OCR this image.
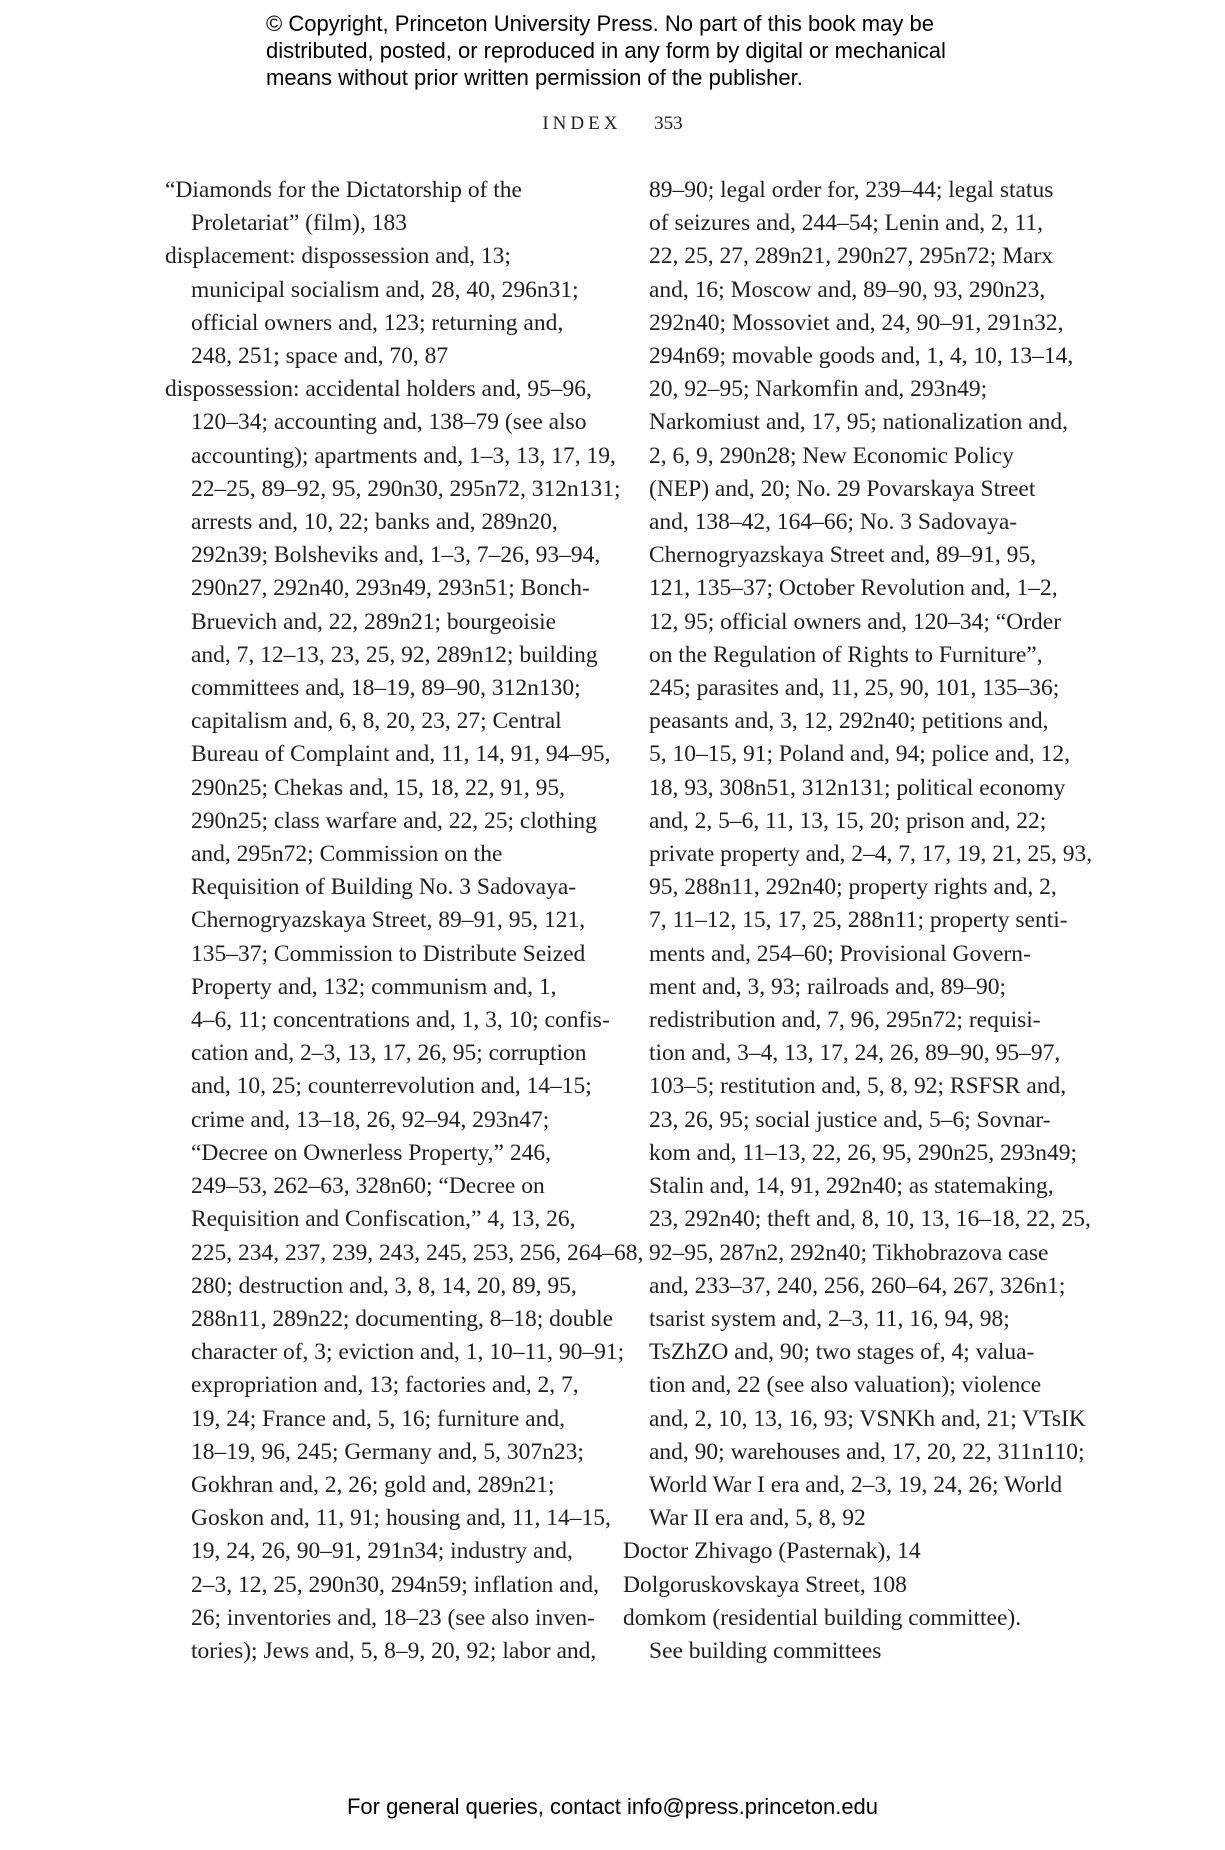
© Copyright, Princeton University Press. No part of this book may be
distributed, posted, or reproduced in any form by digital or mechanical
means without prior written permission of the publisher.
INDEX 353
“Diamonds for the Dictatorship of the
Proletariat” (film), 183
displacement: dispossession and, 13;
municipal socialism and, 28, 40, 296n31;
official owners and, 123; returning and,
248, 251; space and, 70, 87
dispossession: accidental holders and, 95–96,
120–34; accounting and, 138–79 (see also
accounting); apartments and, 1–3, 13, 17, 19,
22–25, 89–92, 95, 290n30, 295n72, 312n131;
arrests and, 10, 22; banks and, 289n20,
292n39; Bolsheviks and, 1–3, 7–26, 93–94,
290n27, 292n40, 293n49, 293n51; Bonch-
Bruevich and, 22, 289n21; bourgeoisie
and, 7, 12–13, 23, 25, 92, 289n12; building
committees and, 18–19, 89–90, 312n130;
capitalism and, 6, 8, 20, 23, 27; Central
Bureau of Complaint and, 11, 14, 91, 94–95,
290n25; Chekas and, 15, 18, 22, 91, 95,
290n25; class warfare and, 22, 25; clothing
and, 295n72; Commission on the
Requisition of Building No. 3 Sadovaya-
Chernogryazskaya Street, 89–91, 95, 121,
135–37; Commission to Distribute Seized
Property and, 132; communism and, 1,
4–6, 11; concentrations and, 1, 3, 10; confis-
cation and, 2–3, 13, 17, 26, 95; corruption
and, 10, 25; counterrevolution and, 14–15;
crime and, 13–18, 26, 92–94, 293n47;
“Decree on Ownerless Property,” 246,
249–53, 262–63, 328n60; “Decree on
Requisition and Confiscation,” 4, 13, 26,
225, 234, 237, 239, 243, 245, 253, 256, 264–68,
280; destruction and, 3, 8, 14, 20, 89, 95,
288n11, 289n22; documenting, 8–18; double
character of, 3; eviction and, 1, 10–11, 90–91;
expropriation and, 13; factories and, 2, 7,
19, 24; France and, 5, 16; furniture and,
18–19, 96, 245; Germany and, 5, 307n23;
Gokhran and, 2, 26; gold and, 289n21;
Goskon and, 11, 91; housing and, 11, 14–15,
19, 24, 26, 90–91, 291n34; industry and,
2–3, 12, 25, 290n30, 294n59; inflation and,
26; inventories and, 18–23 (see also inven-
tories); Jews and, 5, 8–9, 20, 92; labor and,
89–90; legal order for, 239–44; legal status
of seizures and, 244–54; Lenin and, 2, 11,
22, 25, 27, 289n21, 290n27, 295n72; Marx
and, 16; Moscow and, 89–90, 93, 290n23,
292n40; Mossoviet and, 24, 90–91, 291n32,
294n69; movable goods and, 1, 4, 10, 13–14,
20, 92–95; Narkomfin and, 293n49;
Narkomiust and, 17, 95; nationalization and,
2, 6, 9, 290n28; New Economic Policy
(NEP) and, 20; No. 29 Povarskaya Street
and, 138–42, 164–66; No. 3 Sadovaya-
Chernogryazskaya Street and, 89–91, 95,
121, 135–37; October Revolution and, 1–2,
12, 95; official owners and, 120–34; “Order
on the Regulation of Rights to Furniture”,
245; parasites and, 11, 25, 90, 101, 135–36;
peasants and, 3, 12, 292n40; petitions and,
5, 10–15, 91; Poland and, 94; police and, 12,
18, 93, 308n51, 312n131; political economy
and, 2, 5–6, 11, 13, 15, 20; prison and, 22;
private property and, 2–4, 7, 17, 19, 21, 25, 93,
95, 288n11, 292n40; property rights and, 2,
7, 11–12, 15, 17, 25, 288n11; property senti-
ments and, 254–60; Provisional Govern-
ment and, 3, 93; railroads and, 89–90;
redistribution and, 7, 96, 295n72; requisi-
tion and, 3–4, 13, 17, 24, 26, 89–90, 95–97,
103–5; restitution and, 5, 8, 92; RSFSR and,
23, 26, 95; social justice and, 5–6; Sovnar-
kom and, 11–13, 22, 26, 95, 290n25, 293n49;
Stalin and, 14, 91, 292n40; as statemaking,
23, 292n40; theft and, 8, 10, 13, 16–18, 22, 25,
92–95, 287n2, 292n40; Tikhobrazova case
and, 233–37, 240, 256, 260–64, 267, 326n1;
tsarist system and, 2–3, 11, 16, 94, 98;
TsZhZO and, 90; two stages of, 4; valua-
tion and, 22 (see also valuation); violence
and, 2, 10, 13, 16, 93; VSNKh and, 21; VTsIK
and, 90; warehouses and, 17, 20, 22, 311n110;
World War I era and, 2–3, 19, 24, 26; World
War II era and, 5, 8, 92
Doctor Zhivago (Pasternak), 14
Dolgoruskovskaya Street, 108
domkom (residential building committee).
See building committees
For general queries, contact info@press.princeton.edu
